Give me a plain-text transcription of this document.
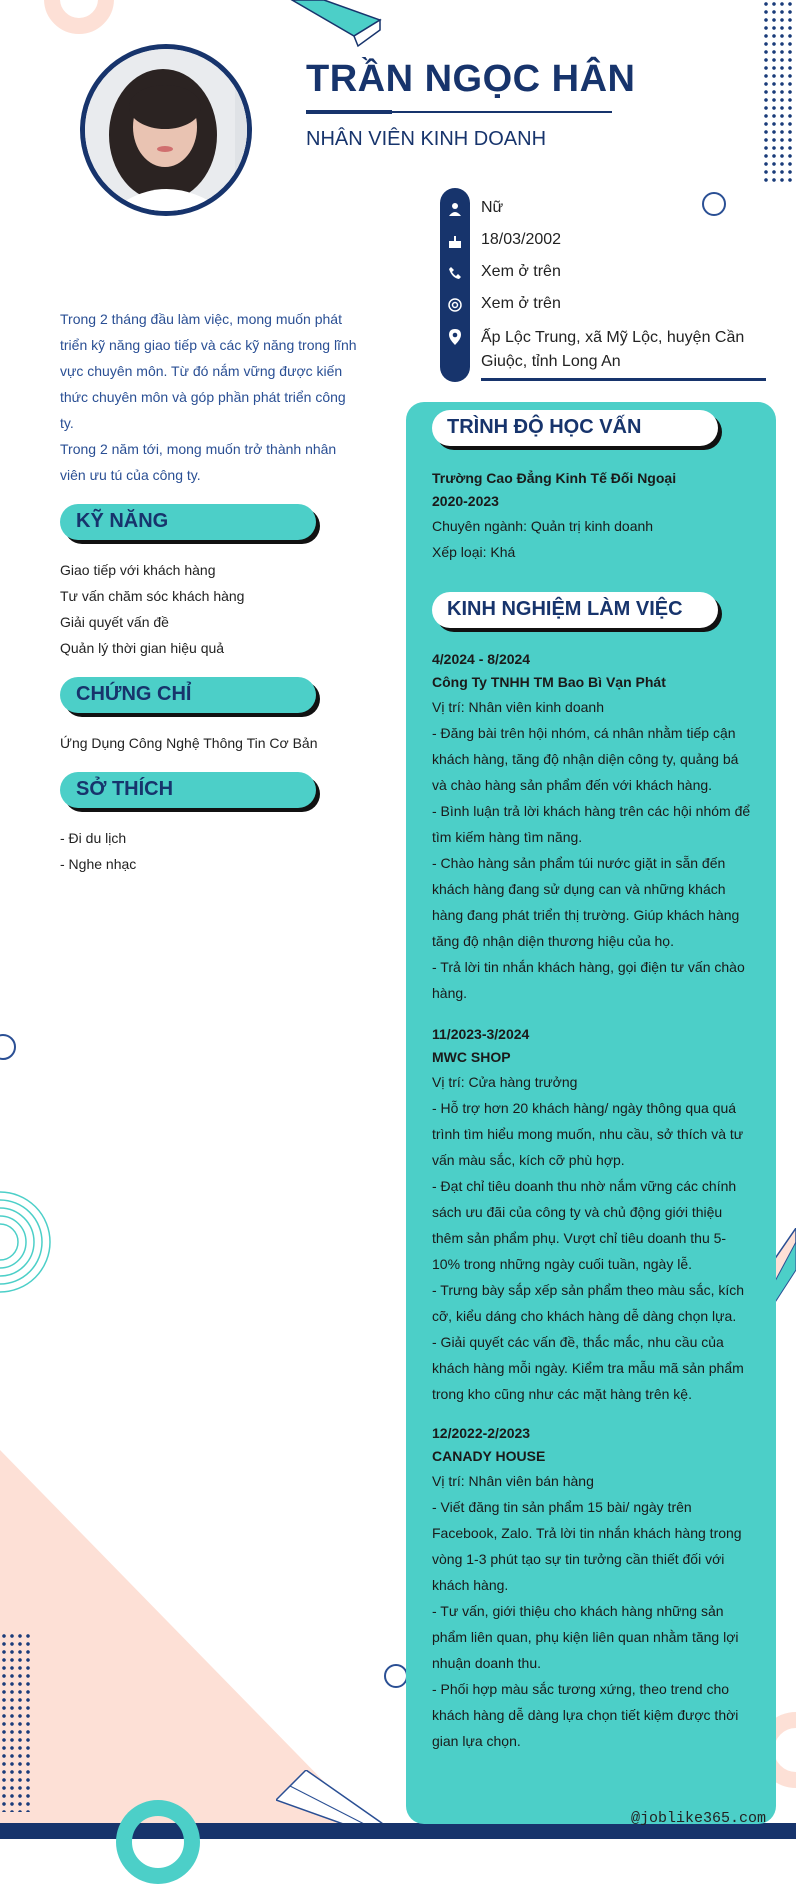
TRẦN NGỌC HÂN
NHÂN VIÊN KINH DOANH
Nữ
18/03/2002
Xem ở trên
Xem ở trên
Ấp Lộc Trung, xã Mỹ Lộc, huyện Cần Giuộc, tỉnh Long An
Trong 2 tháng đầu làm việc, mong muốn phát triển kỹ năng giao tiếp và các kỹ năng trong lĩnh vực chuyên môn. Từ đó nắm vững được kiến thức chuyên môn và góp phần phát triển công ty.
Trong 2 năm tới, mong muốn trở thành nhân viên ưu tú của công ty.
KỸ NĂNG
Giao tiếp với khách hàng
Tư vấn chăm sóc khách hàng
Giải quyết vấn đề
Quản lý thời gian hiệu quả
CHỨNG CHỈ
Ứng Dụng Công Nghệ Thông Tin Cơ Bản
SỞ THÍCH
- Đi du lịch
- Nghe nhạc
TRÌNH ĐỘ HỌC VẤN
Trường Cao Đẳng Kinh Tế Đối Ngoại
2020-2023
Chuyên ngành: Quản trị kinh doanh
Xếp loại: Khá
KINH NGHIỆM LÀM VIỆC
4/2024 - 8/2024
Công Ty TNHH TM Bao Bì Vạn Phát
Vị trí: Nhân viên kinh doanh
- Đăng bài trên hội nhóm, cá nhân nhằm tiếp cận khách hàng, tăng độ nhận diện công ty, quảng bá và chào hàng sản phẩm đến với khách hàng.
- Bình luận trả lời khách hàng trên các hội nhóm để tìm kiếm hàng tìm năng.
- Chào hàng sản phẩm túi nước giặt in sẵn đến khách hàng đang sử dụng can và những khách hàng đang phát triển thị trường. Giúp khách hàng tăng độ nhận diện thương hiệu của họ.
- Trả lời tin nhắn khách hàng, gọi điện tư vấn chào hàng.
11/2023-3/2024
MWC SHOP
Vị trí: Cửa hàng trưởng
- Hỗ trợ hơn 20 khách hàng/ ngày thông qua quá trình tìm hiểu mong muốn, nhu cầu, sở thích và tư vấn màu sắc, kích cỡ phù hợp.
- Đạt chỉ tiêu doanh thu nhờ nắm vững các chính sách ưu đãi của công ty và chủ động giới thiệu thêm sản phẩm phụ. Vượt chỉ tiêu doanh thu 5-10% trong những ngày cuối tuần, ngày lễ.
- Trưng bày sắp xếp sản phẩm theo màu sắc, kích cỡ, kiểu dáng cho khách hàng dễ dàng chọn lựa.
- Giải quyết các vấn đề, thắc mắc, nhu cầu của khách hàng mỗi ngày. Kiểm tra mẫu mã sản phẩm trong kho cũng như các mặt hàng trên kệ.
12/2022-2/2023
CANADY HOUSE
Vị trí: Nhân viên bán hàng
- Viết đăng tin sản phẩm 15 bài/ ngày trên Facebook, Zalo. Trả lời tin nhắn khách hàng trong vòng 1-3 phút tạo sự tin tưởng cần thiết đối với khách hàng.
- Tư vấn, giới thiệu cho khách hàng những sản phẩm liên quan, phụ kiện liên quan nhằm tăng lợi nhuận doanh thu.
- Phối hợp màu sắc tương xứng, theo trend cho khách hàng dễ dàng lựa chọn tiết kiệm được thời gian lựa chọn.
@joblike365.com
